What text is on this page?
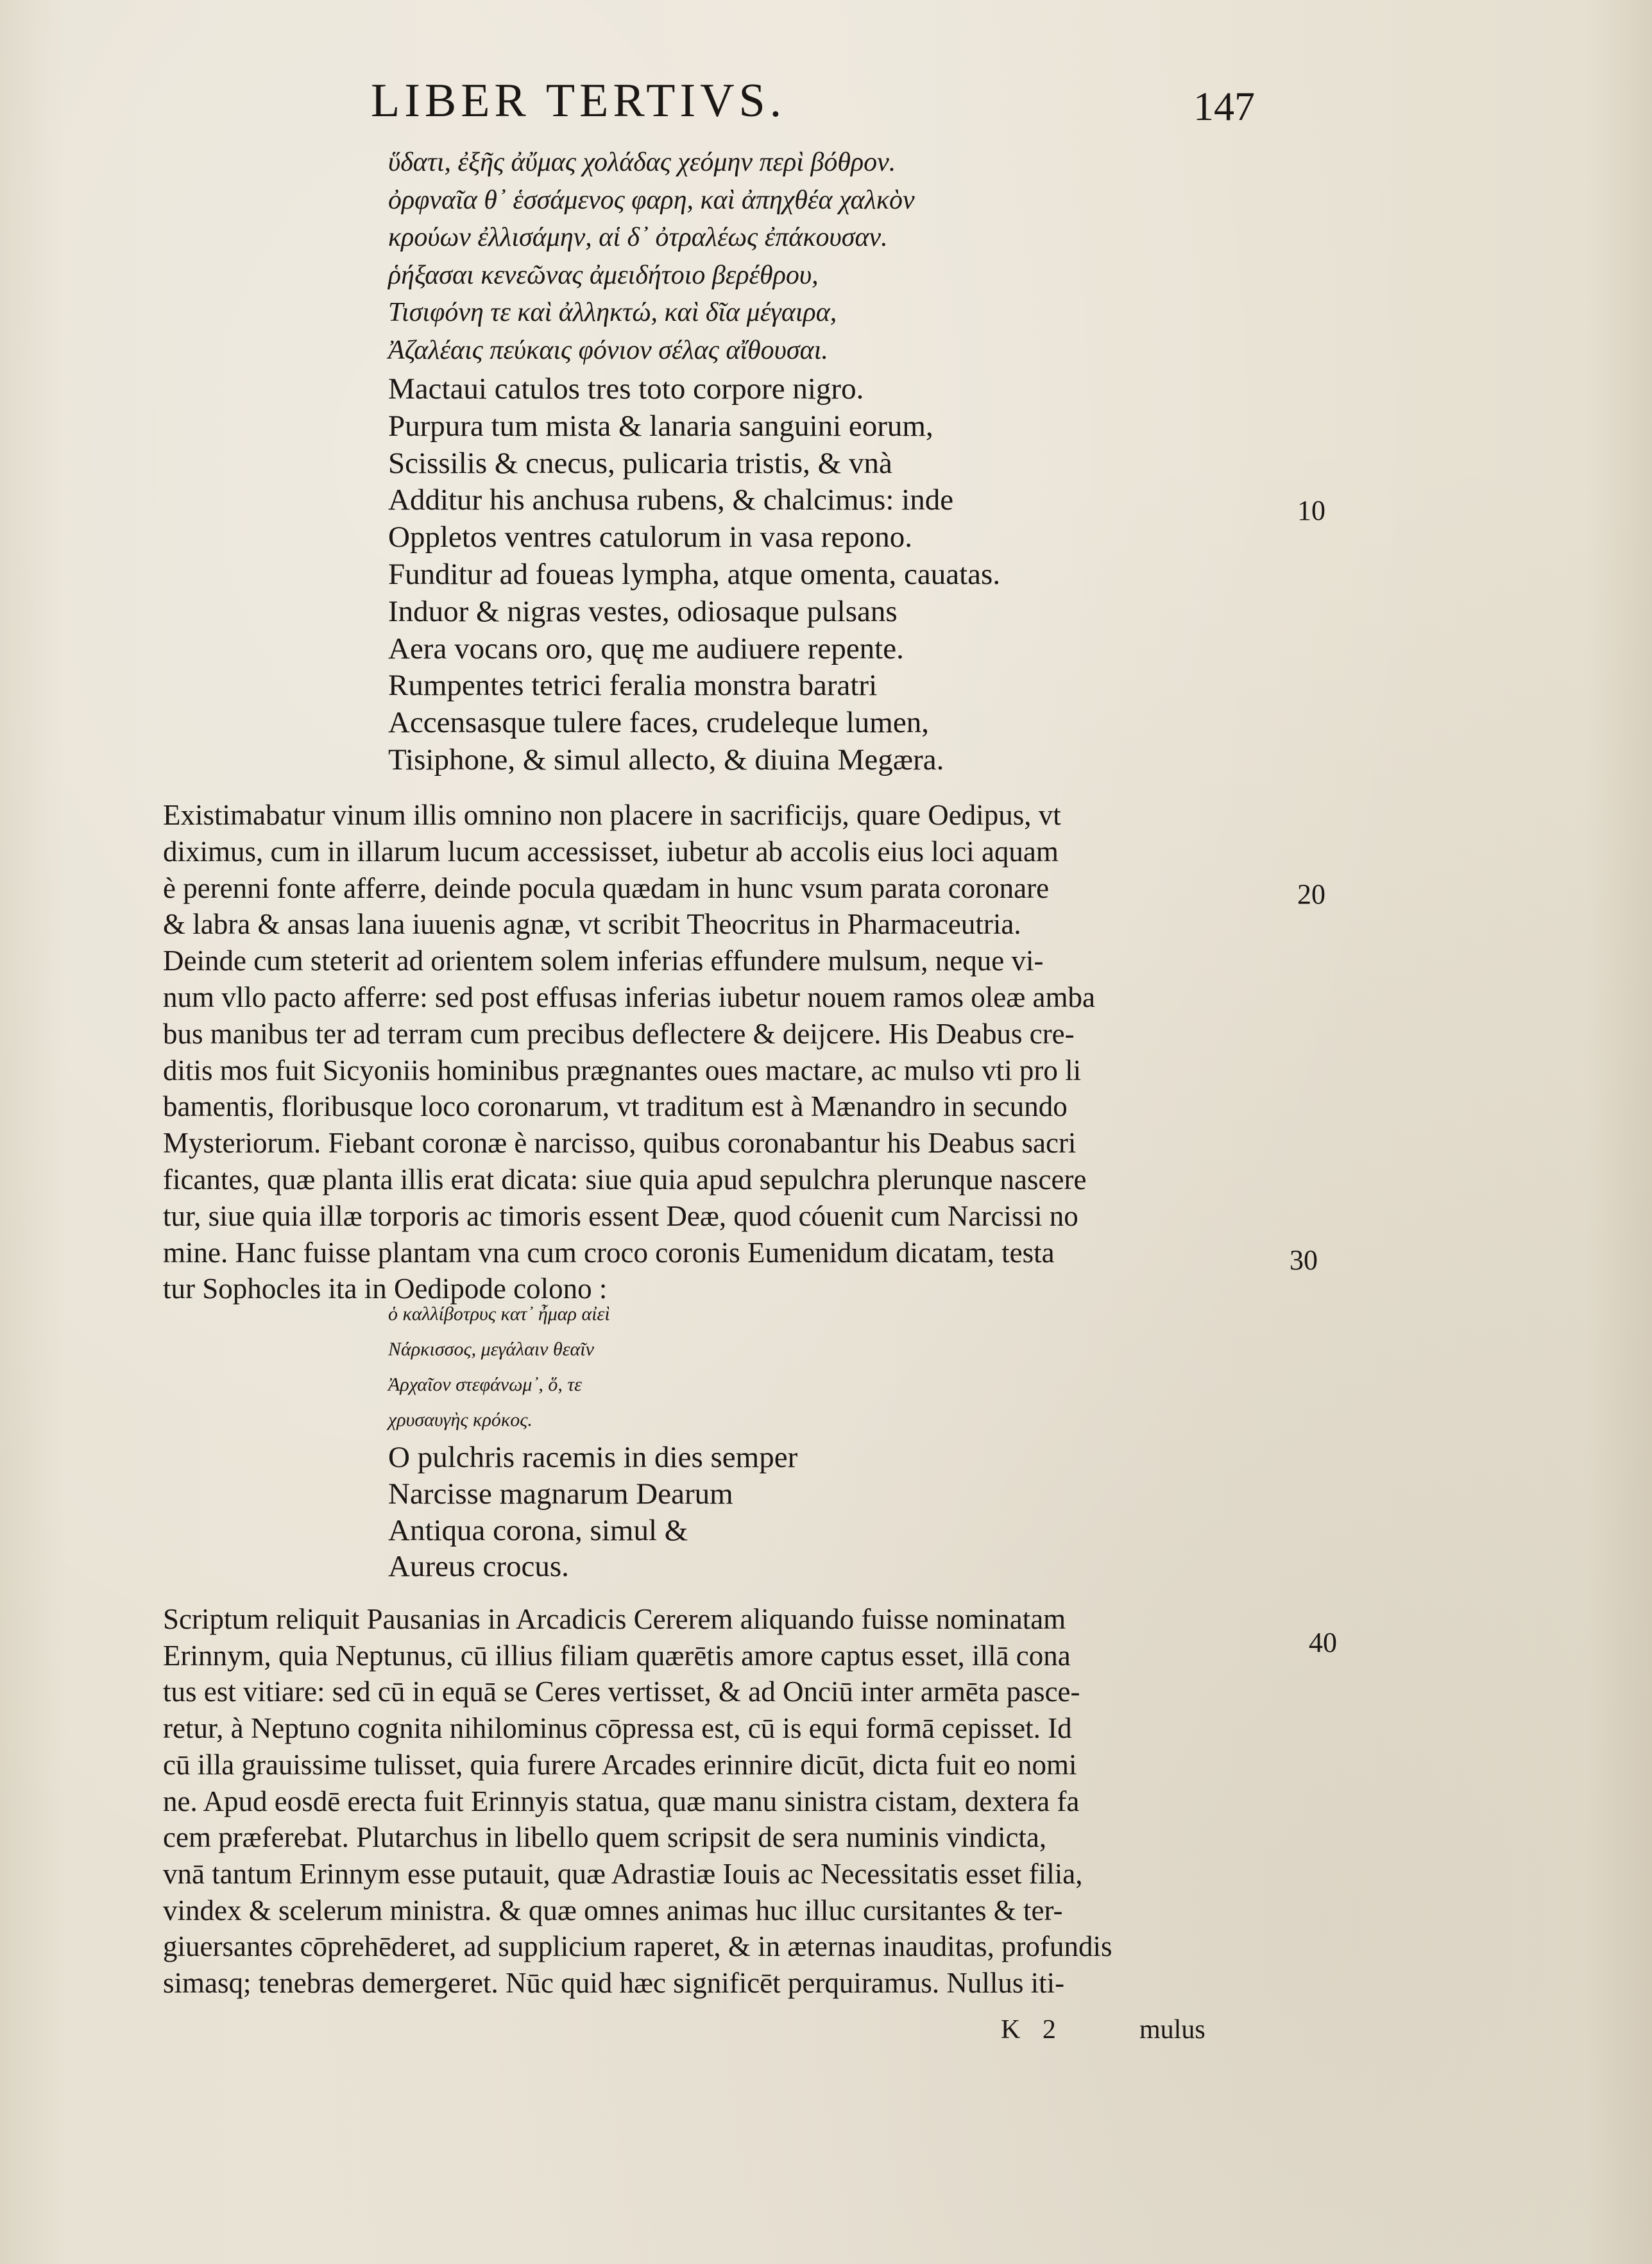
LIBER TERTIVS.	147
ὕδατι, ἐξῆς ἀὔμας χολάδας χεόμην περὶ βόθρον.
ὀρφναῖα θ᾽ ἑσσάμενος φαρη, καὶ ἀπηχθέα χαλκὸν
κρούων ἐλλισάμην, αἱ δ᾽ ὀτραλέως ἐπάκουσαν.
ῥήξασαι κενεῶνας ἀμειδήτοιο βερέθρου,
Τισιφόνη τε καὶ ἀλληκτώ, καὶ δῖα μέγαιρα,
Ἀζαλέαις πεύκαις φόνιον σέλας αἴθουσαι.
Mactaui catulos tres toto corpore nigro.
Purpura tum mista & lanaria sanguini eorum,
Scissilis & cnecus, pulicaria tristis, & vnà
Additur his anchusa rubens, & chalcimus: inde
Oppletos ventres catulorum in vasa repono.
Funditur ad foueas lympha, atque omenta, cauatas.
Induor & nigras vestes, odiosaque pulsans
Aera vocans oro, quę me audiuere repente.
Rumpentes tetrici feralia monstra baratri
Accensasque tulere faces, crudeleque lumen,
Tisiphone, & simul allecto, & diuina Megæra.
Existimabatur vinum illis omnino non placere in sacrificijs, quare Oedipus, vt
diximus, cum in illarum lucum accessisset, iubetur ab accolis eius loci aquam
è perenni fonte afferre, deinde pocula quædam in hunc vsum parata coronare
& labra & ansas lana iuuenis agnæ, vt scribit Theocritus in Pharmaceutria.
Deinde cum steterit ad orientem solem inferias effundere mulsum, neque vi-
num vllo pacto afferre: sed post effusas inferias iubetur nouem ramos oleæ amba
bus manibus ter ad terram cum precibus deflectere & deijcere. His Deabus cre-
ditis mos fuit Sicyoniis hominibus prægnantes oues mactare, ac mulso vti pro li
bamentis, floribusque loco coronarum, vt traditum est à Mænandro in secundo
Mysteriorum. Fiebant coronæ è narcisso, quibus coronabantur his Deabus sacri
ficantes, quæ planta illis erat dicata: siue quia apud sepulchra plerunque nascere
tur, siue quia illæ torporis ac timoris essent Deæ, quod cóuenit cum Narcissi no
mine. Hanc fuisse plantam vna cum croco coronis Eumenidum dicatam, testa
tur Sophocles ita in Oedipode colono :
ὁ καλλίβοτρυς κατ᾽ ἦμαρ αἰεὶ
Νάρκισσος, μεγάλαιν θεαῖν
Ἀρχαῖον στεφάνωμ᾽, ὅ, τε
χρυσαυγὴς κρόκος.
O pulchris racemis in dies semper
Narcisse magnarum Dearum
Antiqua corona, simul &
Aureus crocus.
Scriptum reliquit Pausanias in Arcadicis Cererem aliquando fuisse nominatam
Erinnym, quia Neptunus, cū illius filiam quærētis amore captus esset, illā cona
tus est vitiare: sed cū in equā se Ceres vertisset, & ad Onciū inter armēta pasce-
retur, à Neptuno cognita nihilominus cōpressa est, cū is equi formā cepisset. Id
cū illa grauissime tulisset, quia furere Arcades erinnire dicūt, dicta fuit eo nomi
ne. Apud eosdē erecta fuit Erinnyis statua, quæ manu sinistra cistam, dextera fa
cem præferebat. Plutarchus in libello quem scripsit de sera numinis vindicta,
vnā tantum Erinnym esse putauit, quæ Adrastiæ Iouis ac Necessitatis esset filia,
vindex & scelerum ministra. & quæ omnes animas huc illuc cursitantes & ter-
giuersantes cōprehēderet, ad supplicium raperet, & in æternas inauditas, profundis
simasq; tenebras demergeret. Nūc quid hæc significēt perquiramus. Nullus iti-
10
20
30
40
K 2	mulus
